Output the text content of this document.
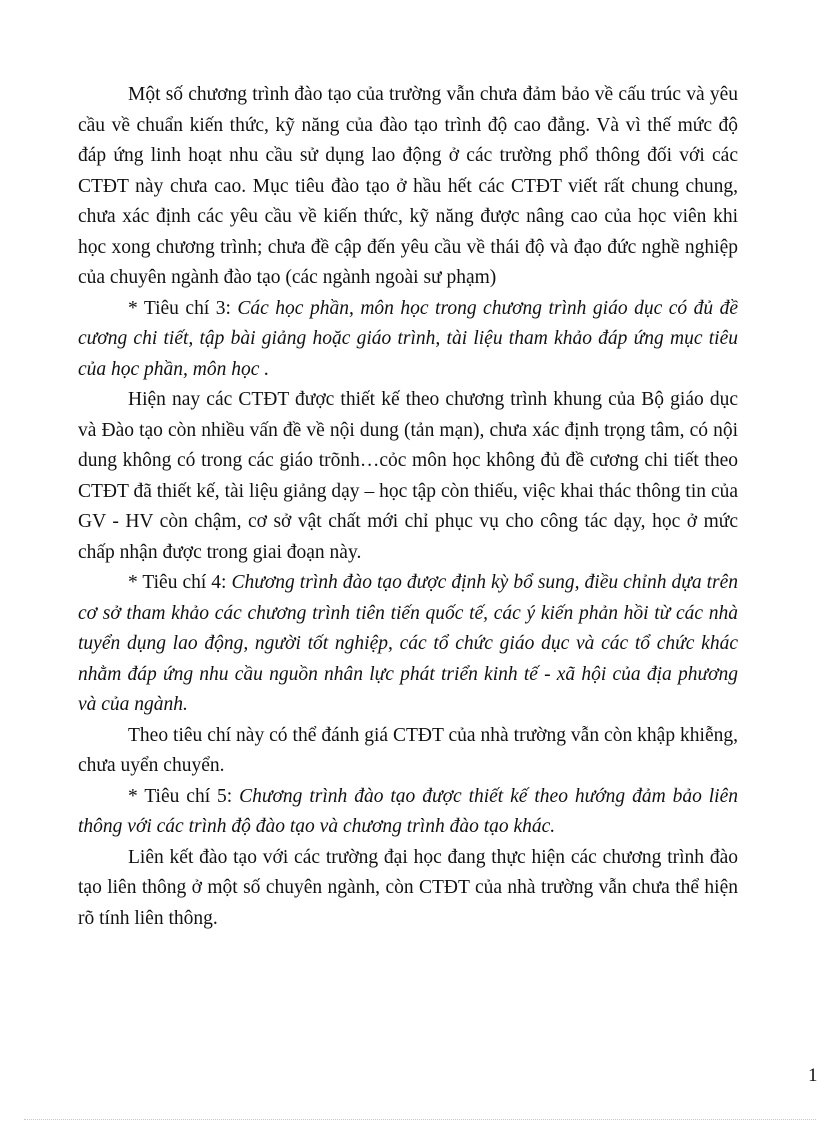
Một số chương trình đào tạo của trường vẫn chưa đảm bảo về cấu trúc và yêu cầu về chuẩn kiến thức, kỹ năng của đào tạo trình độ cao đẳng. Và vì thế mức độ đáp ứng linh hoạt nhu cầu sử dụng lao động ở các trường phổ thông đối với các CTĐT này chưa cao. Mục tiêu đào tạo ở hầu hết các CTĐT viết rất chung chung, chưa xác định các yêu cầu về kiến thức, kỹ năng được nâng cao của học viên khi học xong chương trình; chưa đề cập đến yêu cầu về thái độ và đạo đức nghề nghiệp của chuyên ngành đào tạo (các ngành ngoài sư phạm)

* Tiêu chí 3: Các học phần, môn học trong chương trình giáo dục có đủ đề cương chi tiết, tập bài giảng hoặc giáo trình, tài liệu tham khảo đáp ứng mục tiêu của học phần, môn học .

Hiện nay các CTĐT được thiết kế theo chương trình khung của Bộ giáo dục và Đào tạo còn nhiều vấn đề về nội dung (tản mạn), chưa xác định trọng tâm, có nội dung không có trong các giáo trõnh…cỏc môn học không đủ đề cương chi tiết theo CTĐT đã thiết kế, tài liệu giảng dạy – học tập còn thiếu, việc khai thác thông tin của GV - HV còn chậm, cơ sở vật chất mới chỉ phục vụ cho công tác dạy, học ở mức chấp nhận được trong giai đoạn này.

* Tiêu chí 4: Chương trình đào tạo được định kỳ bổ sung, điều chỉnh dựa trên cơ sở tham khảo các chương trình tiên tiến quốc tế, các ý kiến phản hồi từ các nhà tuyển dụng lao động, người tốt nghiệp, các tổ chức giáo dục và các tổ chức khác nhằm đáp ứng nhu cầu nguồn nhân lực phát triển kinh tế - xã hội của địa phương và của ngành.

Theo tiêu chí này có thể đánh giá CTĐT của nhà trường vẫn còn khập khiễng, chưa uyển chuyển.

* Tiêu chí 5: Chương trình đào tạo được thiết kế theo hướng đảm bảo liên thông với các trình độ đào tạo và chương trình đào tạo khác.

Liên kết đào tạo với các trường đại học đang thực hiện các chương trình đào tạo liên thông ở một số chuyên ngành, còn CTĐT của nhà trường vẫn chưa thể hiện rõ tính liên thông.

1
